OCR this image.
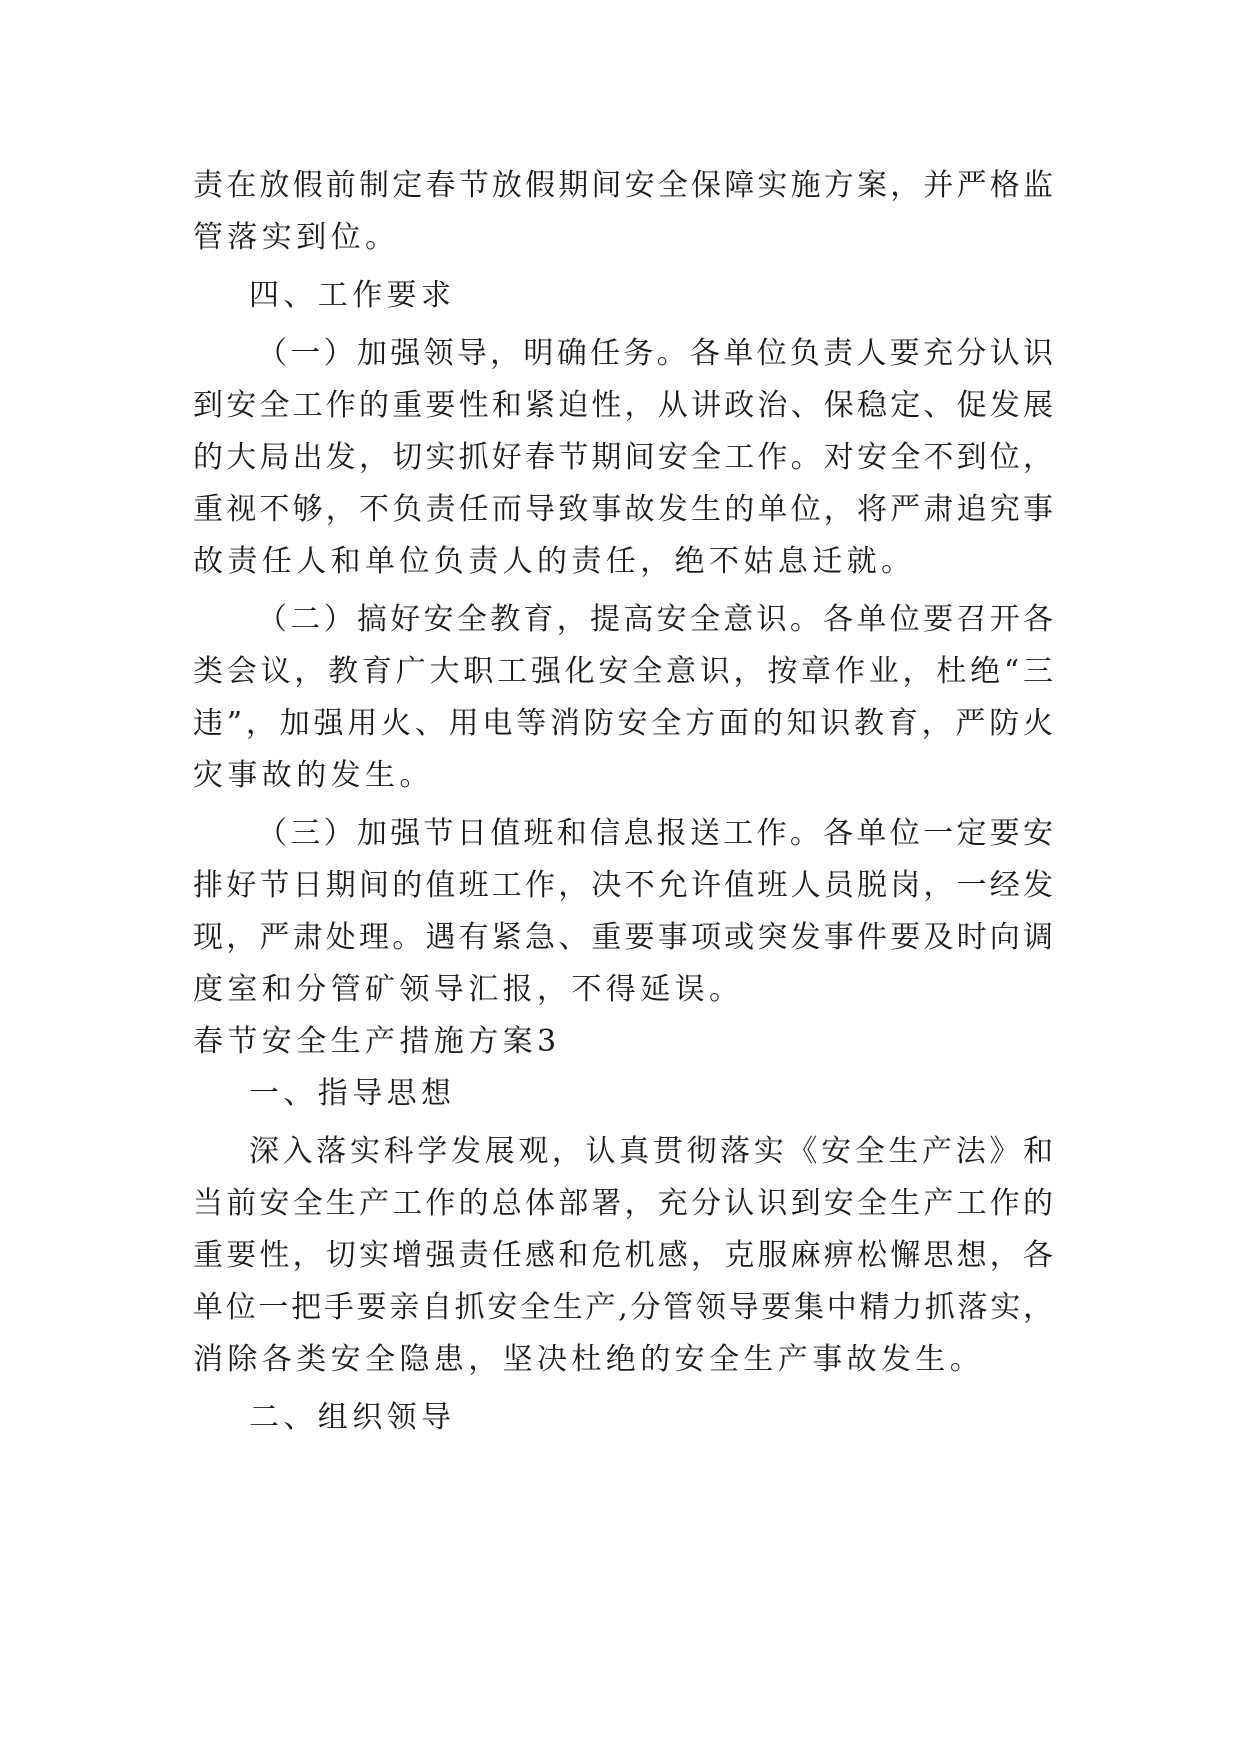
责在放假前制定春节放假期间安全保障实施方案，并严格监
管落实到位。
四、工作要求
（一）加强领导，明确任务。各单位负责人要充分认识
到安全工作的重要性和紧迫性，从讲政治、保稳定、促发展
的大局出发，切实抓好春节期间安全工作。对安全不到位，
重视不够，不负责任而导致事故发生的单位，将严肃追究事
故责任人和单位负责人的责任，绝不姑息迁就。
（二）搞好安全教育，提高安全意识。各单位要召开各
类会议，教育广大职工强化安全意识，按章作业，杜绝“三
违”，加强用火、用电等消防安全方面的知识教育，严防火
灾事故的发生。
（三）加强节日值班和信息报送工作。各单位一定要安
排好节日期间的值班工作，决不允许值班人员脱岗，一经发
现，严肃处理。遇有紧急、重要事项或突发事件要及时向调
度室和分管矿领导汇报，不得延误。
春节安全生产措施方案3
一、指导思想
深入落实科学发展观，认真贯彻落实《安全生产法》和
当前安全生产工作的总体部署，充分认识到安全生产工作的
重要性，切实增强责任感和危机感，克服麻痹松懈思想，各
单位一把手要亲自抓安全生产,分管领导要集中精力抓落实，
消除各类安全隐患，坚决杜绝的安全生产事故发生。
二、组织领导
